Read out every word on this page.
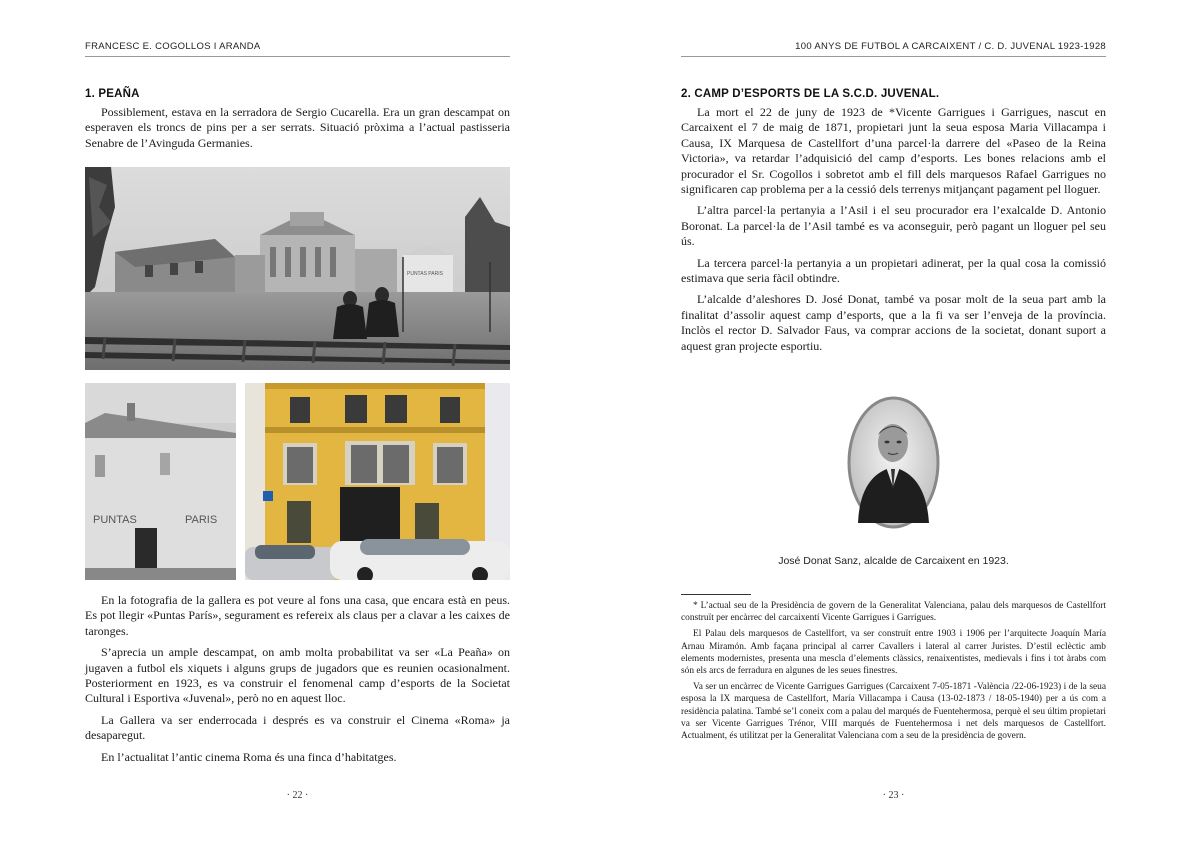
FRANCESC E. COGOLLOS I ARANDA
1. PEAÑA

Possiblement, estava en la serradora de Sergio Cucarella. Era un gran descampat on esperaven els troncs de pins per a ser serrats. Situació pròxima a l’actual pastisseria Senabre de l’Avinguda Germanies.

PUNTAS PARIS
PUNTAS	PARIS

En la fotografia de la gallera es pot veure al fons una casa, que encara està en peus. Es pot llegir «Puntas París», segurament es refereix als claus per a clavar a les caixes de taronges.

S’aprecia un ample descampat, on amb molta probabilitat va ser «La Peaña» on jugaven a futbol els xiquets i alguns grups de jugadors que es reunien ocasionalment. Posteriorment en 1923, es va construir el fenomenal camp d’esports de la Societat Cultural i Esportiva «Juvenal», però no en aquest lloc.

La Gallera va ser enderrocada i després es va construir el Cinema «Roma» ja desaparegut.

En l’actualitat l’antic cinema Roma és una finca d’habitatges.

· 22 ·
100 ANYS DE FUTBOL A CARCAIXENT / C. D. JUVENAL 1923-1928
2. CAMP D’ESPORTS DE LA S.C.D. JUVENAL.

La mort el 22 de juny de 1923 de *Vicente Garrigues i Garrigues, nascut en Carcaixent el 7 de maig de 1871, propietari junt la seua esposa Maria Villacampa i Causa, IX Marquesa de Castellfort d’una parcel·la darrere del «Paseo de la Reina Victoria», va retardar l’adquisició del camp d’esports. Les bones relacions amb el procurador el Sr. Cogollos i sobretot amb el fill dels marquesos Rafael Garrigues no significaren cap problema per a la cessió dels terrenys mitjançant pagament pel lloguer.

L’altra parcel·la pertanyia a l’Asil i el seu procurador era l’exalcalde D. Antonio Boronat. La parcel·la de l’Asil també es va aconseguir, però pagant un lloguer pel seu ús.

La tercera parcel·la pertanyia a un propietari adinerat, per la qual cosa la comissió estimava que seria fàcil obtindre.

L’alcalde d’aleshores D. José Donat, també va posar molt de la seua part amb la finalitat d’assolir aquest camp d’esports, que a la fi va ser l’enveja de la província. Inclòs el rector D. Salvador Faus, va comprar accions de la societat, donant suport a aquest gran projecte esportiu.

José Donat Sanz, alcalde de Carcaixent en 1923.

* L’actual seu de la Presidència de govern de la Generalitat Valenciana, palau dels marquesos de Castellfort construït per encàrrec del carcaixentí Vicente Garrigues i Garrigues.

El Palau dels marquesos de Castellfort, va ser construït entre 1903 i 1906 per l’arquitecte Joaquín María Arnau Miramón. Amb façana principal al carrer Cavallers i lateral al carrer Juristes. D’estil eclèctic amb elements modernistes, presenta una mescla d’elements clàssics, renaixentistes, medievals i fins i tot àrabs com són els arcs de ferradura en algunes de les seues finestres.

Va ser un encàrrec de Vicente Garrigues Garrigues (Carcaixent 7-05-1871 -València /22-06-1923) i de la seua esposa la IX marquesa de Castellfort, María Villacampa i Causa (13-02-1873 / 18-05-1940) per a ús com a residència palatina. També se’l coneix com a palau del marqués de Fuentehermosa, perquè el seu últim propietari va ser Vicente Garrigues Trénor, VIII marqués de Fuentehermosa i net dels marquesos de Castellfort. Actualment, és utilitzat per la Generalitat Valenciana com a seu de la presidència de govern.

· 23 ·
